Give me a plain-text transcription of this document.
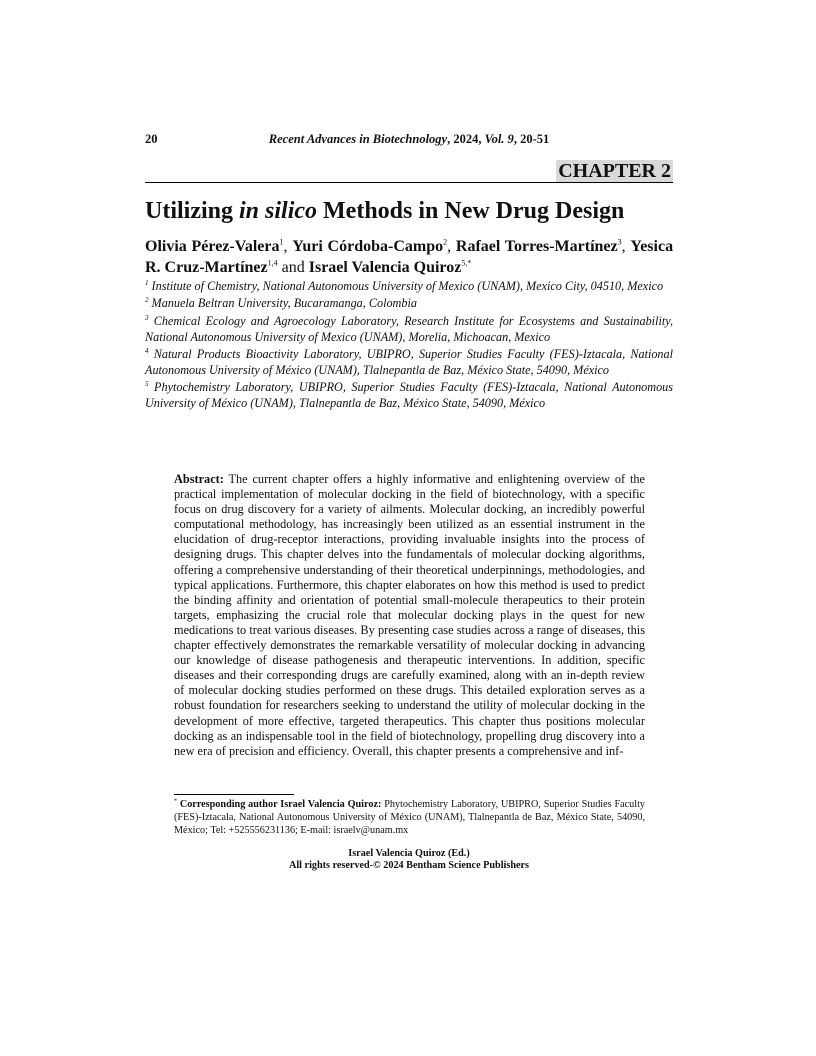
20	Recent Advances in Biotechnology, 2024, Vol. 9, 20-51
CHAPTER 2
Utilizing in silico Methods in New Drug Design
Olivia Pérez-Valera$^1$, Yuri Córdoba-Campo$^2$, Rafael Torres-Martínez$^3$, Yesica R. Cruz-Martínez$^{1,4}$ and Israel Valencia Quiroz$^{5,*}$

$^1$ Institute of Chemistry, National Autonomous University of Mexico (UNAM), Mexico City, 04510, Mexico

$^2$ Manuela Beltran University, Bucaramanga, Colombia

$^3$ Chemical Ecology and Agroecology Laboratory, Research Institute for Ecosystems and Sustainability, National Autonomous University of Mexico (UNAM), Morelia, Michoacan, Mexico

$^4$ Natural Products Bioactivity Laboratory, UBIPRO, Superior Studies Faculty (FES)-Iztacala, National Autonomous University of México (UNAM), Tlalnepantla de Baz, México State, 54090, México

$^5$ Phytochemistry Laboratory, UBIPRO, Superior Studies Faculty (FES)-Iztacala, National Autonomous University of México (UNAM), Tlalnepantla de Baz, México State, 54090, México

Abstract: The current chapter offers a highly informative and enlightening overview of the practical implementation of molecular docking in the field of biotechnology, with a specific focus on drug discovery for a variety of ailments. Molecular docking, an incredibly powerful computational methodology, has increasingly been utilized as an essential instrument in the elucidation of drug-receptor interactions, providing invaluable insights into the process of designing drugs. This chapter delves into the fundamentals of molecular docking algorithms, offering a comprehensive understanding of their theoretical underpinnings, methodologies, and typical applications. Furthermore, this chapter elaborates on how this method is used to predict the binding affinity and orientation of potential small-molecule therapeutics to their protein targets, emphasizing the crucial role that molecular docking plays in the quest for new medications to treat various diseases. By presenting case studies across a range of diseases, this chapter effectively demonstrates the remarkable versatility of molecular docking in advancing our knowledge of disease pathogenesis and therapeutic interventions. In addition, specific diseases and their corresponding drugs are carefully examined, along with an in-depth review of molecular docking studies performed on these drugs. This detailed exploration serves as a robust foundation for researchers seeking to understand the utility of molecular docking in the development of more effective, targeted therapeutics. This chapter thus positions molecular docking as an indispensable tool in the field of biotechnology, propelling drug discovery into a new era of precision and efficiency. Overall, this chapter presents a comprehensive and inf-
* Corresponding author Israel Valencia Quiroz: Phytochemistry Laboratory, UBIPRO, Superior Studies Faculty (FES)-Iztacala, National Autonomous University of México (UNAM), Tlalnepantla de Baz, México State, 54090, México; Tel: +525556231136; E-mail: israelv@unam.mx
Israel Valencia Quiroz (Ed.)
All rights reserved-© 2024 Bentham Science Publishers
